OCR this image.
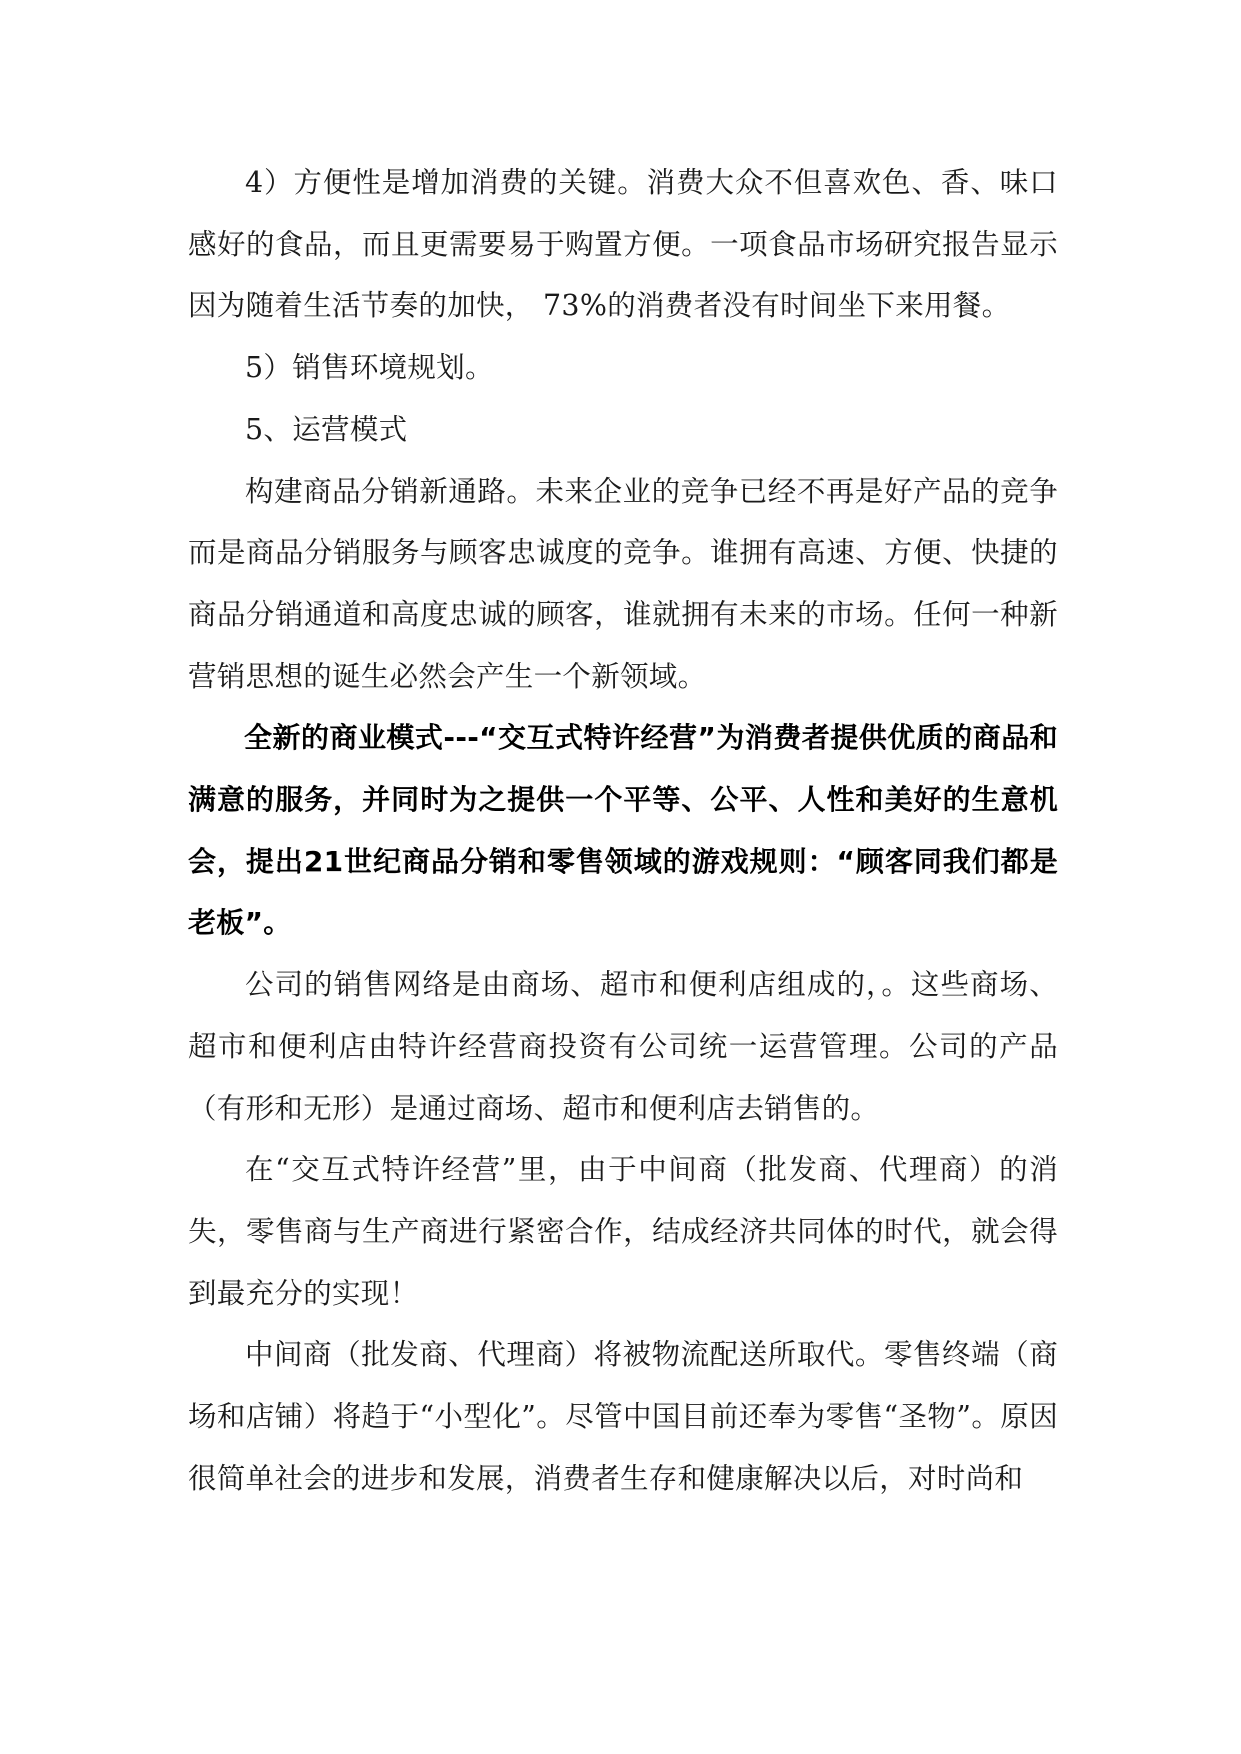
4）方便性是增加消费的关键。消费大众不但喜欢色、香、味口感好的食品，而且更需要易于购置方便。一项食品市场研究报告显示因为随着生活节奏的加快， 73%的消费者没有时间坐下来用餐。

5）销售环境规划。

5、运营模式

构建商品分销新通路。未来企业的竞争已经不再是好产品的竞争而是商品分销服务与顾客忠诚度的竞争。谁拥有高速、方便、快捷的商品分销通道和高度忠诚的顾客，谁就拥有未来的市场。任何一种新营销思想的诞生必然会产生一个新领域。

全新的商业模式---“交互式特许经营”为消费者提供优质的商品和满意的服务，并同时为之提供一个平等、公平、人性和美好的生意机会，提出21世纪商品分销和零售领域的游戏规则：“顾客同我们都是老板”。

公司的销售网络是由商场、超市和便利店组成的，。这些商场、超市和便利店由特许经营商投资有公司统一运营管理。公司的产品（有形和无形）是通过商场、超市和便利店去销售的。

在“交互式特许经营”里，由于中间商（批发商、代理商）的消失，零售商与生产商进行紧密合作，结成经济共同体的时代，就会得到最充分的实现！

中间商（批发商、代理商）将被物流配送所取代。零售终端（商场和店铺）将趋于“小型化”。尽管中国目前还奉为零售“圣物”。原因很简单社会的进步和发展，消费者生存和健康解决以后，对时尚和
